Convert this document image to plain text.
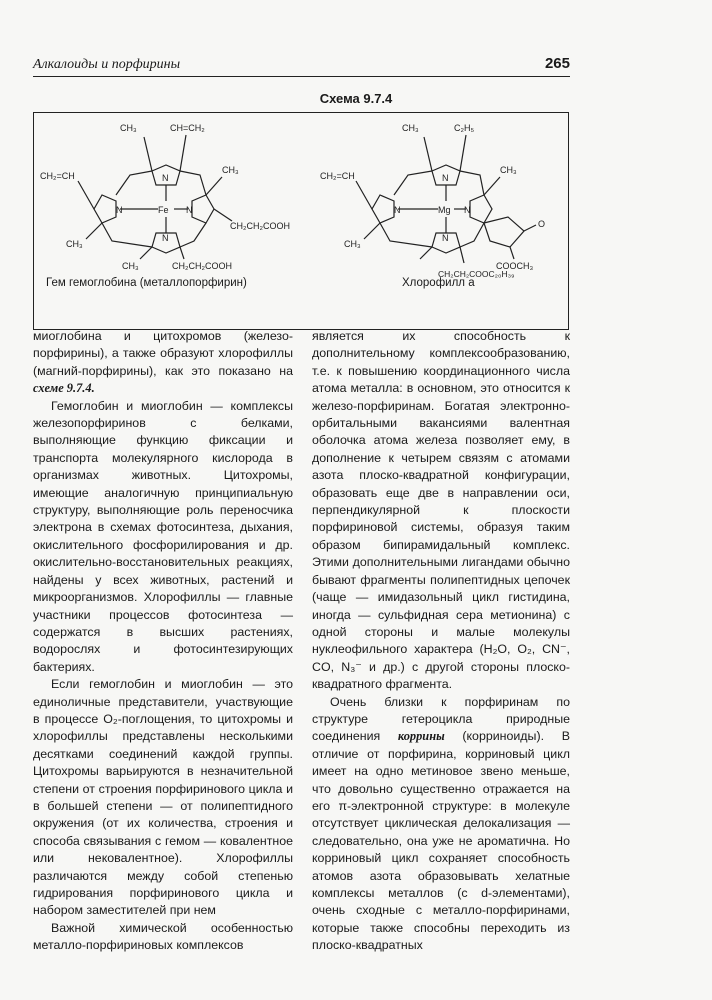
Алкалоиды и порфирины	265
Схема 9.7.4
CH₃	CH=CH₂
CH₂=CH	N
N	Fe N
N
CH₃
CH₃
CH₂CH₂COOH
CH₃	CH₂CH₂COOH
CH₃	C₂H₅
CH₂=CH	N
N	Mg N
N
CH₃
CH₃
O
COOCH₃
CH₂CH₂COOC₂₀H₃₉
Гем гемоглобина (металлопорфирин)	Хлорофилл а

миоглобина и цитохромов (железо-порфирины), а также образуют хлорофиллы (магний-порфирины), как это показано на схеме 9.7.4.

Гемоглобин и миоглобин — комплексы железопорфиринов с белками, выполняющие функцию фиксации и транспорта молекулярного кислорода в организмах животных. Цитохромы, имеющие аналогичную принципиальную структуру, выполняющие роль переносчика электрона в схемах фотосинтеза, дыхания, окислительного фосфорилирования и др. окислительно-восстановительных реакциях, найдены у всех животных, растений и микроорганизмов. Хлорофиллы — главные участники процессов фотосинтеза — содержатся в высших растениях, водорослях и фотосинтезирующих бактериях.

Если гемоглобин и миоглобин — это единоличные представители, участвующие в процессе O₂-поглощения, то цитохромы и хлорофиллы представлены несколькими десятками соединений каждой группы. Цитохромы варьируются в незначительной степени от строения порфиринового цикла и в большей степени — от полипептидного окружения (от их количества, строения и способа связывания с гемом — ковалентное или нековалентное). Хлорофиллы различаются между собой степенью гидрирования порфиринового цикла и набором заместителей при нем

Важной химической особенностью металло-порфириновых комплексов

является их способность к дополнительному комплексообразованию, т.е. к повышению координационного числа атома металла: в основном, это относится к железо-порфиринам. Богатая электронно-орбитальными вакансиями валентная оболочка атома железа позволяет ему, в дополнение к четырем связям с атомами азота плоско-квадратной конфигурации, образовать еще две в направлении оси, перпендикулярной к плоскости порфириновой системы, образуя таким образом бипирамидальный комплекс. Этими дополнительными лигандами обычно бывают фрагменты полипептидных цепочек (чаще — имидазольный цикл гистидина, иногда — сульфидная сера метионина) с одной стороны и малые молекулы нуклеофильного характера (H₂O, O₂, CN⁻, CO, N₃⁻ и др.) с другой стороны плоско-квадратного фрагмента.

Очень близки к порфиринам по структуре гетероцикла природные соединения коррины (корриноиды). В отличие от порфирина, корриновый цикл имеет на одно метиновое звено меньше, что довольно существенно отражается на его π-электронной структуре: в молекуле отсутствует циклическая делокализация — следовательно, она уже не ароматична. Но корриновый цикл сохраняет способность атомов азота образовывать хелатные комплексы металлов (с d-элементами), очень сходные с металло-порфиринами, которые также способны переходить из плоско-квадратных
